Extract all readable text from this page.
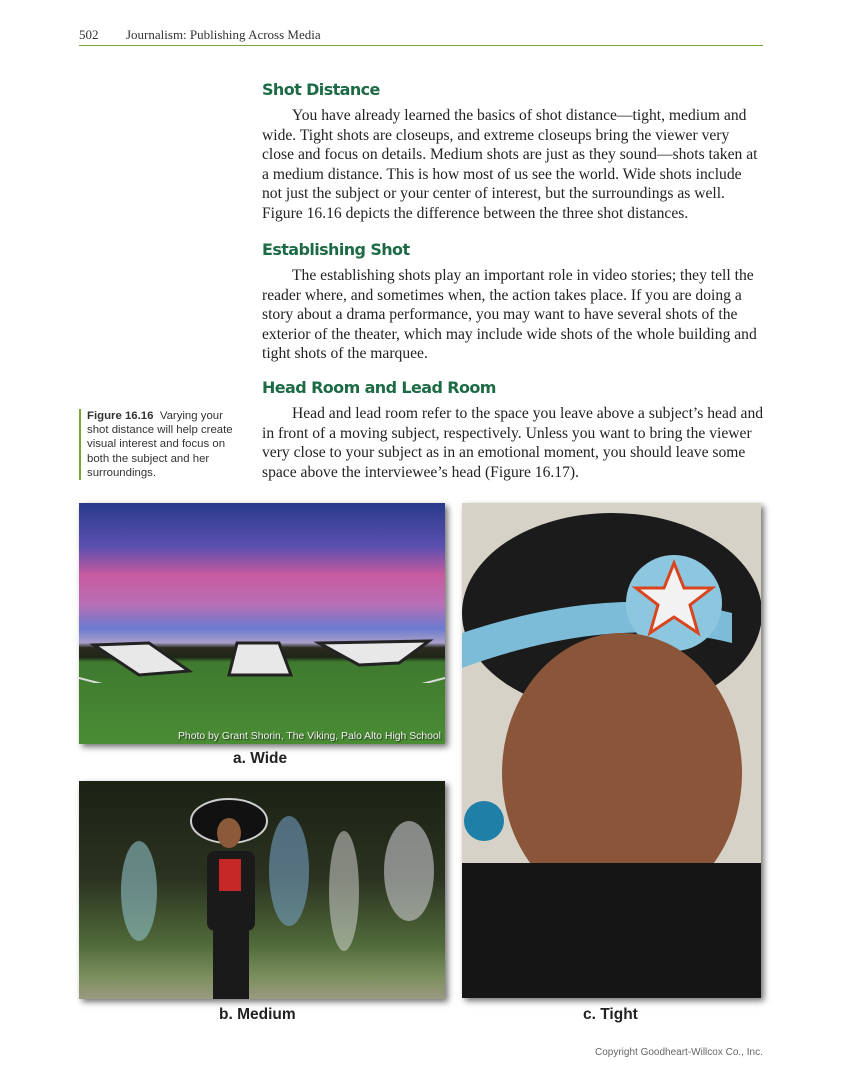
502 Journalism: Publishing Across Media
Shot Distance

You have already learned the basics of shot distance—tight, medium and wide. Tight shots are closeups, and extreme closeups bring the viewer very close and focus on details. Medium shots are just as they sound—shots taken at a medium distance. This is how most of us see the world. Wide shots include not just the subject or your center of interest, but the surroundings as well. Figure 16.16 depicts the difference between the three shot distances.

Establishing Shot

The establishing shots play an important role in video stories; they tell the reader where, and sometimes when, the action takes place. If you are doing a story about a drama performance, you may want to have several shots of the exterior of the theater, which may include wide shots of the whole building and tight shots of the marquee.

Head Room and Lead Room

Head and lead room refer to the space you leave above a subject’s head and in front of a moving subject, respectively. Unless you want to bring the viewer very close to your subject as in an emotional moment, you should leave some space above the interviewee’s head (Figure 16.17).

Figure 16.16 Varying your shot distance will help create visual interest and focus on both the subject and her surroundings.
Photo by Grant Shorin, The Viking, Palo Alto High School
a. Wide
b. Medium	c. Tight
Copyright Goodheart-Willcox Co., Inc.
